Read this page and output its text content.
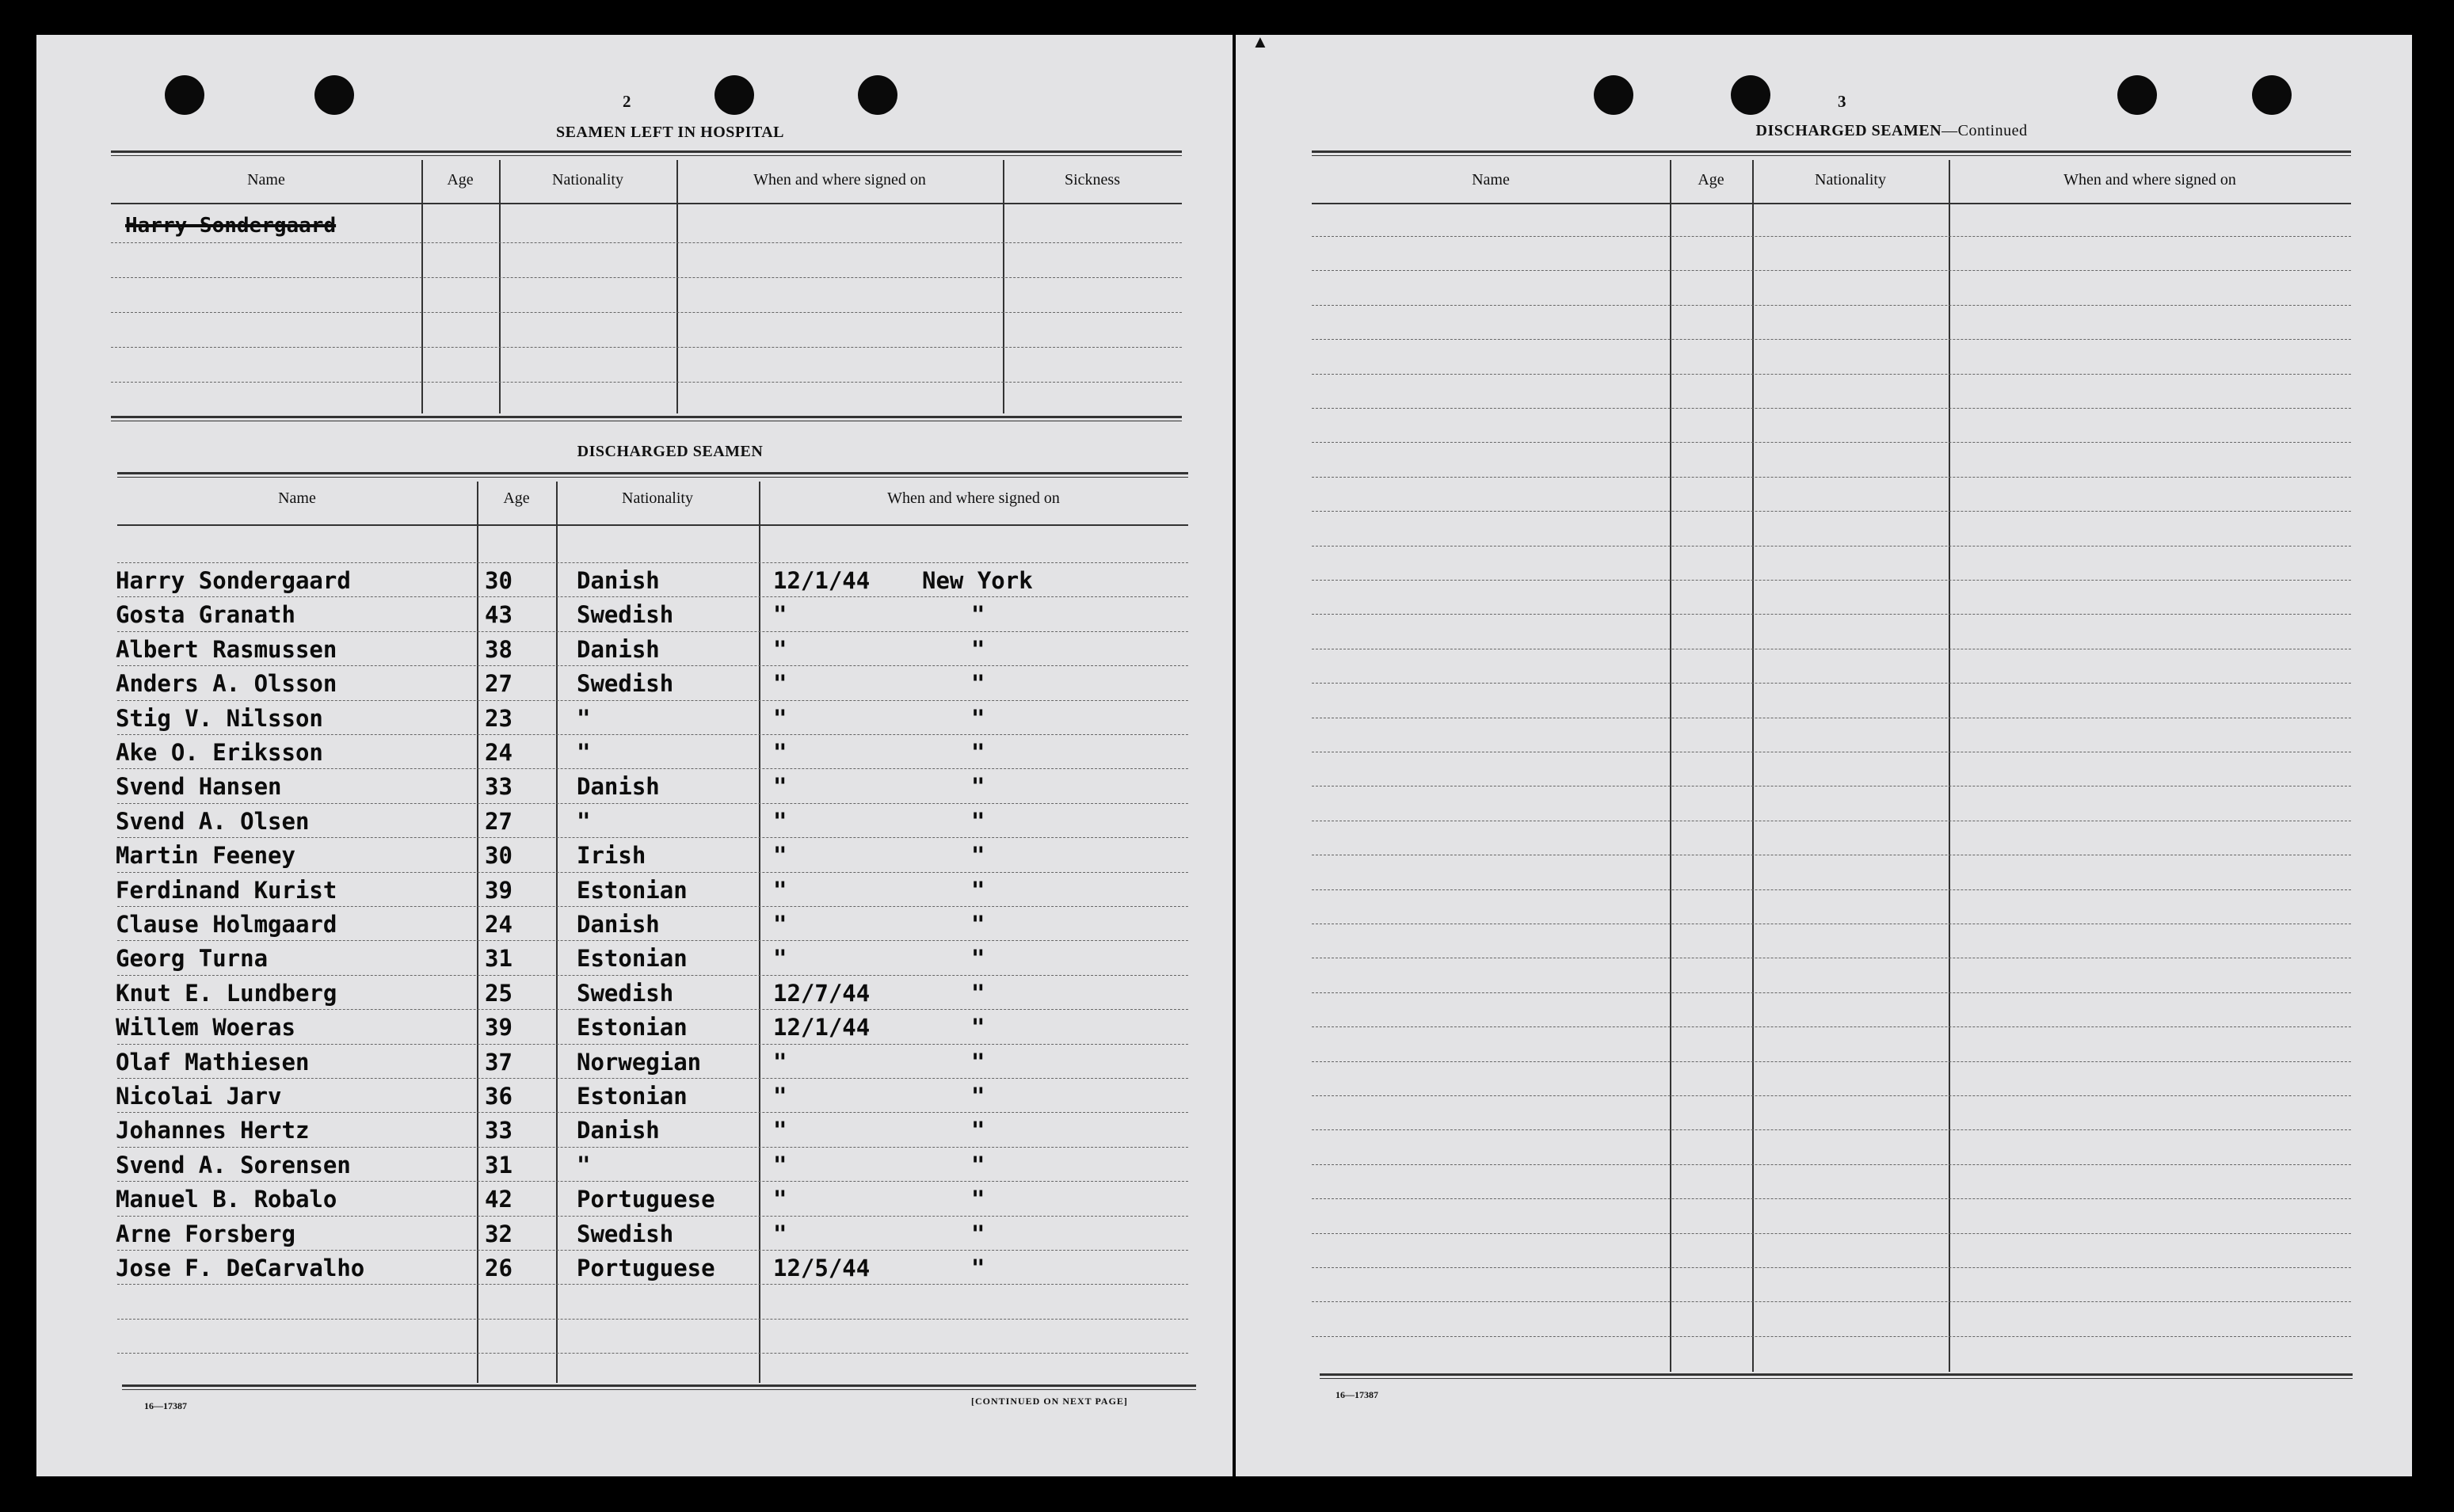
2
SEAMEN LEFT IN HOSPITAL
Name	Age	Nationality	When and where signed on	Sickness
Harry Sondergaard
DISCHARGED SEAMEN
Name	Age	Nationality	When and where signed on
Harry Sondergaard	30	Danish	12/1/44 New York
Gosta Granath	43	Swedish	"	"
Albert Rasmussen	38	Danish	"	"
Anders A. Olsson	27	Swedish	"	"
Stig V. Nilsson	23	"	"	"
Ake O. Eriksson	24	"	"	"
Svend Hansen	33	Danish	"	"
Svend A. Olsen	27	"	"	"
Martin Feeney	30	Irish	"	"
Ferdinand Kurist	39	Estonian	"	"
Clause Holmgaard	24	Danish	"	"
Georg Turna	31	Estonian	"	"
Knut E. Lundberg	25	Swedish	12/7/44	"
Willem Woeras	39	Estonian	12/1/44	"
Olaf Mathiesen	37	Norwegian	"	"
Nicolai Jarv	36	Estonian	"	"
Johannes Hertz	33	Danish	"	"
Svend A. Sorensen	31	"	"	"
Manuel B. Robalo	42	Portuguese	"	"
Arne Forsberg	32	Swedish	"	"
Jose F. DeCarvalho	26	Portuguese	12/5/44	"
16—17387	[CONTINUED ON NEXT PAGE]
3
DISCHARGED SEAMEN—Continued
Name	Age	Nationality	When and where signed on
16—17387
▲
